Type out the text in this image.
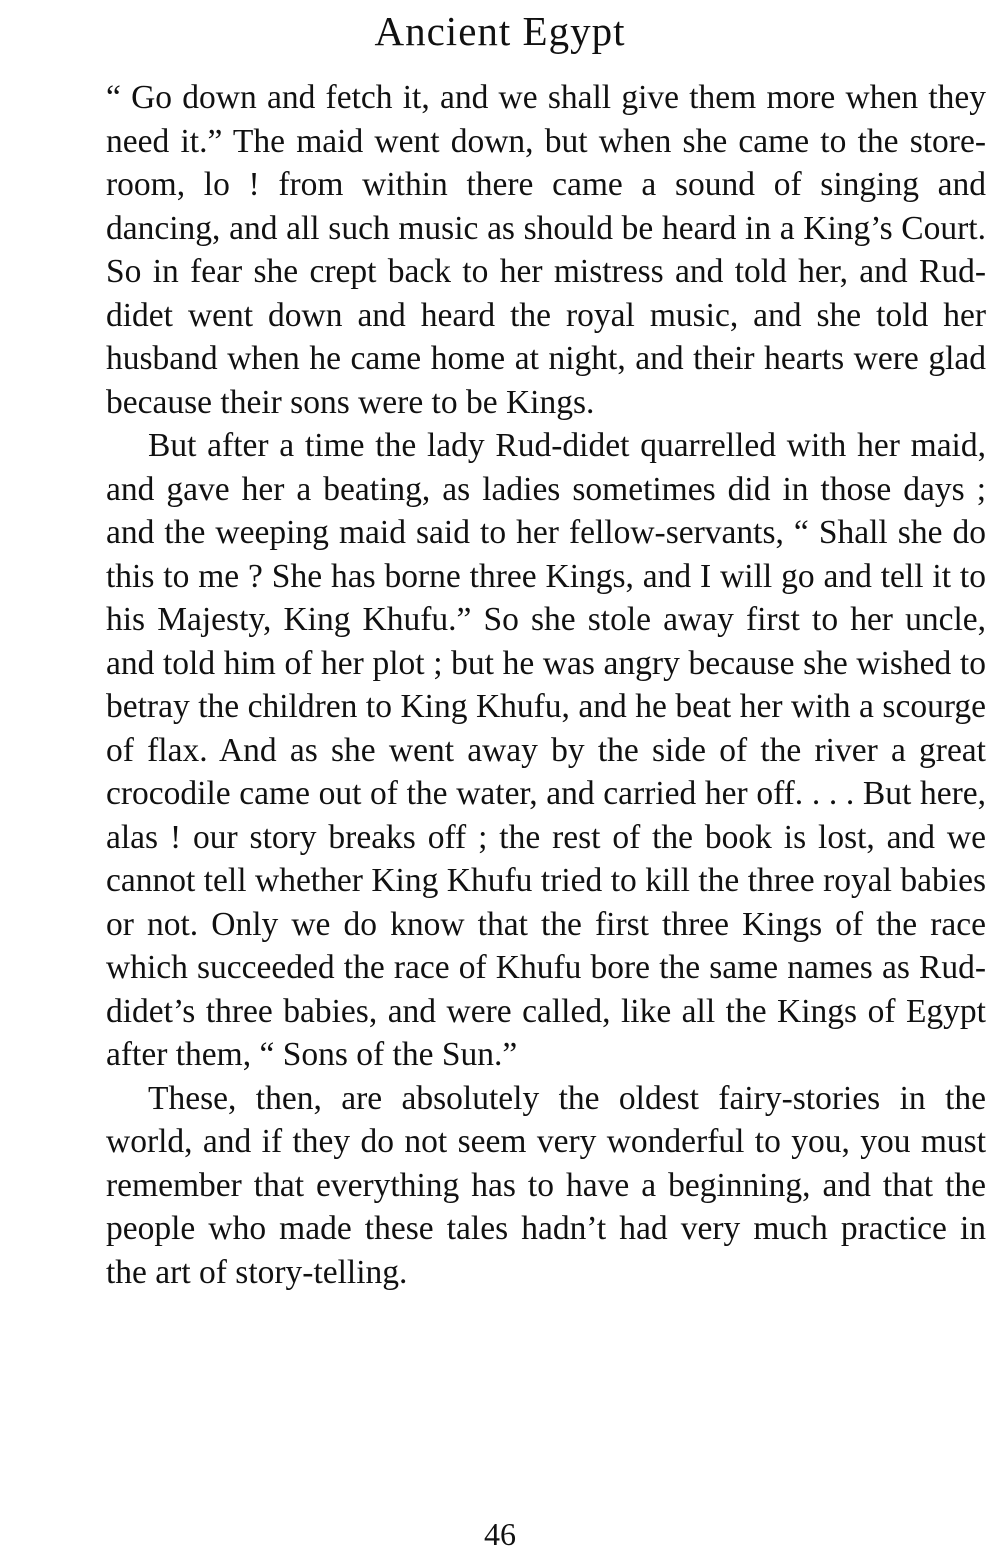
Ancient Egypt

“ Go down and fetch it, and we shall give them more when they need it.” The maid went down, but when she came to the store-room, lo ! from within there came a sound of singing and dancing, and all such music as should be heard in a King’s Court. So in fear she crept back to her mistress and told her, and Rud-didet went down and heard the royal music, and she told her husband when he came home at night, and their hearts were glad because their sons were to be Kings.

But after a time the lady Rud-didet quarrelled with her maid, and gave her a beating, as ladies sometimes did in those days ; and the weeping maid said to her fellow-servants, “ Shall she do this to me ? She has borne three Kings, and I will go and tell it to his Majesty, King Khufu.” So she stole away first to her uncle, and told him of her plot ; but he was angry because she wished to betray the children to King Khufu, and he beat her with a scourge of flax. And as she went away by the side of the river a great crocodile came out of the water, and carried her off. . . . But here, alas ! our story breaks off ; the rest of the book is lost, and we cannot tell whether King Khufu tried to kill the three royal babies or not. Only we do know that the first three Kings of the race which succeeded the race of Khufu bore the same names as Rud-didet’s three babies, and were called, like all the Kings of Egypt after them, “ Sons of the Sun.”

These, then, are absolutely the oldest fairy-stories in the world, and if they do not seem very wonderful to you, you must remember that everything has to have a beginning, and that the people who made these tales hadn’t had very much practice in the art of story-telling.

46
